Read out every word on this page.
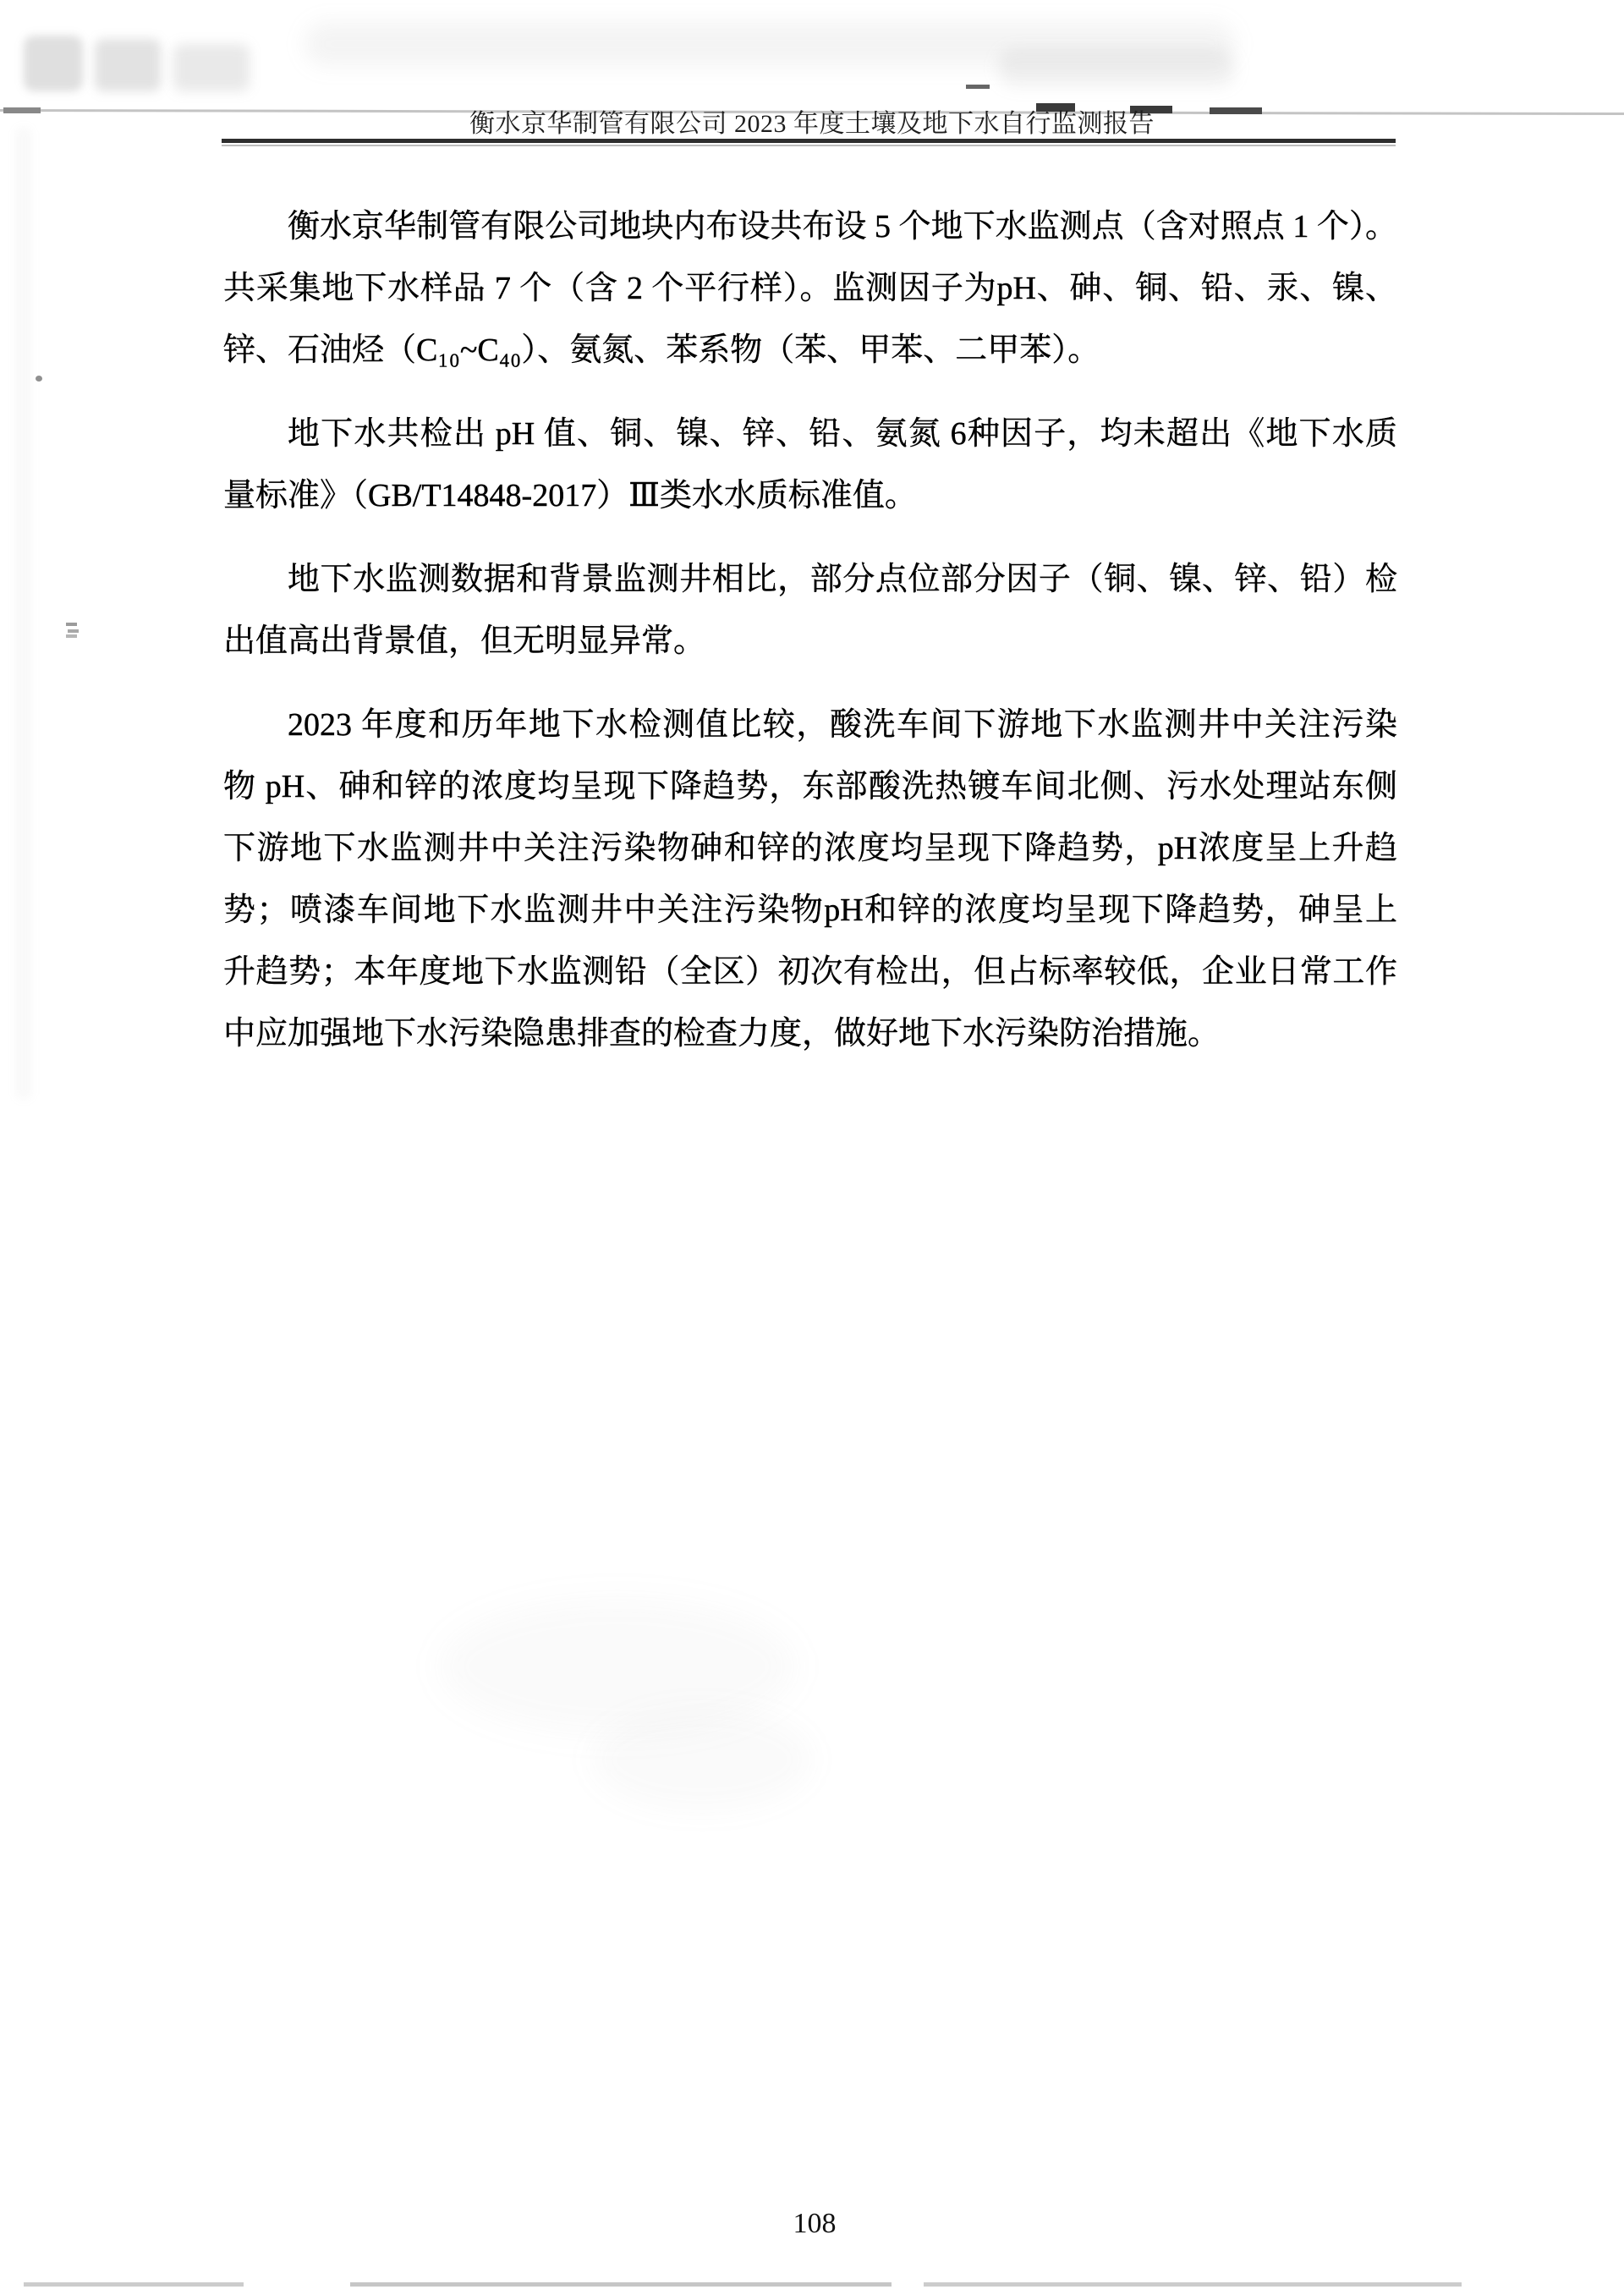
衡水京华制管有限公司 2023 年度土壤及地下水自行监测报告

衡水京华制管有限公司地块内布设共布设 5 个地下水监测点（含对照点 1 个）。
共采集地下水样品 7 个（含 2 个平行样）。监测因子为pH、砷、铜、铅、汞、镍、
锌、石油烃（C₁₀~C₄₀）、氨氮、苯系物（苯、甲苯、二甲苯）。

地下水共检出 pH 值、铜、镍、锌、铅、氨氮 6种因子，均未超出《地下水质
量标准》（GB/T14848-2017）Ⅲ类水水质标准值。

地下水监测数据和背景监测井相比，部分点位部分因子（铜、镍、锌、铅）检
出值高出背景值，但无明显异常。

2023 年度和历年地下水检测值比较，酸洗车间下游地下水监测井中关注污染
物 pH、砷和锌的浓度均呈现下降趋势，东部酸洗热镀车间北侧、污水处理站东侧
下游地下水监测井中关注污染物砷和锌的浓度均呈现下降趋势，pH浓度呈上升趋
势；喷漆车间地下水监测井中关注污染物pH和锌的浓度均呈现下降趋势，砷呈上
升趋势；本年度地下水监测铅（全区）初次有检出，但占标率较低，企业日常工作
中应加强地下水污染隐患排查的检查力度，做好地下水污染防治措施。

108
